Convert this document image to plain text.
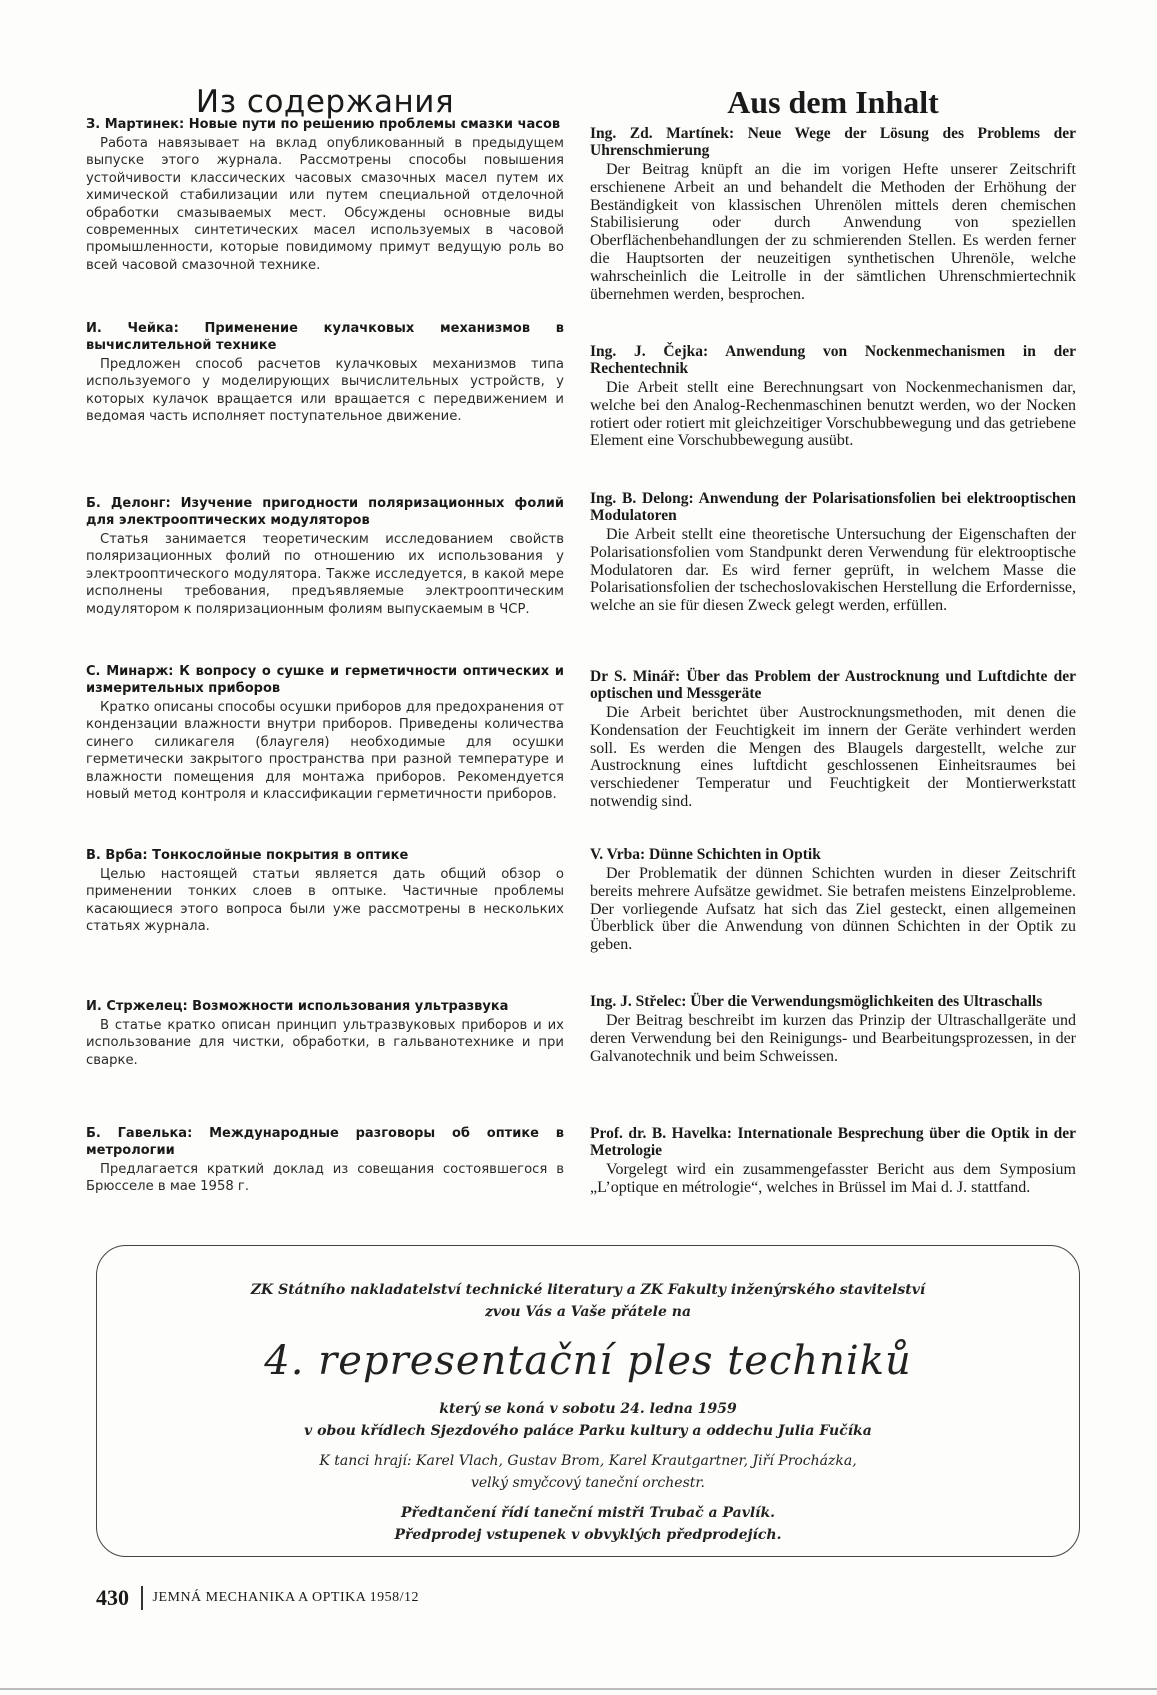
Из содержания

З. Мартинек: Новые пути по решению проблемы смазки часов

Работа навязывает на вклад опубликованный в предыдущем выпуске этого журнала. Рассмотрены способы повышения устойчивости классических часовых смазочных масел путем их химической стабилизации или путем специальной отделочной обработки смазываемых мест. Обсуждены основные виды современных синтетических масел используемых в часовой промышленности, которые повидимому примут ведущую роль во всей часовой смазочной технике.

И. Чейка: Применение кулачковых механизмов в вычислительной технике

Предложен способ расчетов кулачковых механизмов типа используемого у моделирующих вычислительных устройств, у которых кулачок вращается или вращается с передвижением и ведомая часть исполняет поступательное движение.

Б. Делонг: Изучение пригодности поляризационных фолий для электрооптических модуляторов

Статья занимается теоретическим исследованием свойств поляризационных фолий по отношению их использования у электрооптического модулятора. Также исследуется, в какой мере исполнены требования, предъявляемые электрооптическим модулятором к поляризационным фолиям выпускаемым в ЧСР.

С. Минарж: К вопросу о сушке и герметичности оптических и измерительных приборов

Кратко описаны способы осушки приборов для предохранения от кондензации влажности внутри приборов. Приведены количества синего силикагеля (блаугеля) необходимые для осушки герметически закрытого пространства при разной температуре и влажности помещения для монтажа приборов. Рекомендуется новый метод контроля и классификации герметичности приборов.

В. Врба: Тонкослойные покрытия в оптике

Целью настоящей статьи является дать общий обзор о применении тонких слоев в оптыке. Частичные проблемы касающиеся этого вопроса были уже рассмотрены в нескольких статьях журнала.

И. Стржелец: Возможности использования ультразвука

В статье кратко описан принцип ультразвуковых приборов и их использование для чистки, обработки, в гальванотехнике и при сварке.

Б. Гавелька: Международные разговоры об оптике в метрологии

Предлагается краткий доклад из совещания состоявшегося в Брюсселе в мае 1958 г.

Aus dem Inhalt

Ing. Zd. Martínek: Neue Wege der Lösung des Problems der Uhrenschmierung

Der Beitrag knüpft an die im vorigen Hefte unserer Zeitschrift erschienene Arbeit an und behandelt die Methoden der Erhöhung der Beständigkeit von klassischen Uhrenölen mittels deren chemischen Stabilisierung oder durch Anwendung von speziellen Oberflächenbehandlungen der zu schmierenden Stellen. Es werden ferner die Hauptsorten der neuzeitigen synthetischen Uhrenöle, welche wahrscheinlich die Leitrolle in der sämtlichen Uhrenschmiertechnik übernehmen werden, besprochen.

Ing. J. Čejka: Anwendung von Nockenmechanismen in der Rechentechnik

Die Arbeit stellt eine Berechnungsart von Nockenmechanismen dar, welche bei den Analog-Rechenmaschinen benutzt werden, wo der Nocken rotiert oder rotiert mit gleichzeitiger Vorschubbewegung und das getriebene Element eine Vorschubbewegung ausübt.

Ing. B. Delong: Anwendung der Polarisationsfolien bei elektrooptischen Modulatoren

Die Arbeit stellt eine theoretische Untersuchung der Eigenschaften der Polarisationsfolien vom Standpunkt deren Verwendung für elektrooptische Modulatoren dar. Es wird ferner geprüft, in welchem Masse die Polarisationsfolien der tschechoslovakischen Herstellung die Erfordernisse, welche an sie für diesen Zweck gelegt werden, erfüllen.

Dr S. Minář: Über das Problem der Austrocknung und Luftdichte der optischen und Messgeräte

Die Arbeit berichtet über Austrocknungsmethoden, mit denen die Kondensation der Feuchtigkeit im innern der Geräte verhindert werden soll. Es werden die Mengen des Blaugels dargestellt, welche zur Austrocknung eines luftdicht geschlossenen Einheitsraumes bei verschiedener Temperatur und Feuchtigkeit der Montierwerkstatt notwendig sind.

V. Vrba: Dünne Schichten in Optik

Der Problematik der dünnen Schichten wurden in dieser Zeitschrift bereits mehrere Aufsätze gewidmet. Sie betrafen meistens Einzelprobleme. Der vorliegende Aufsatz hat sich das Ziel gesteckt, einen allgemeinen Überblick über die Anwendung von dünnen Schichten in der Optik zu geben.

Ing. J. Střelec: Über die Verwendungsmöglichkeiten des Ultraschalls

Der Beitrag beschreibt im kurzen das Prinzip der Ultraschallgeräte und deren Verwendung bei den Reinigungs- und Bearbeitungsprozessen, in der Galvanotechnik und beim Schweissen.

Prof. dr. B. Havelka: Internationale Besprechung über die Optik in der Metrologie

Vorgelegt wird ein zusammengefasster Bericht aus dem Symposium „L’optique en métrologie“, welches in Brüssel im Mai d. J. stattfand.

ZK Státního nakladatelství technické literatury a ZK Fakulty inženýrského stavitelství

zvou Vás a Vaše přátele na

4. representační ples techniků

který se koná v sobotu 24. ledna 1959

v obou křídlech Sjezdového paláce Parku kultury a oddechu Julia Fučíka

K tanci hrají: Karel Vlach, Gustav Brom, Karel Krautgartner, Jiří Procházka,

velký smyčcový taneční orchestr.

Předtančení řídí taneční mistři Trubač a Pavlík.

Předprodej vstupenek v obvyklých předprodejích.

430 JEMNÁ MECHANIKA A OPTIKA 1958/12
